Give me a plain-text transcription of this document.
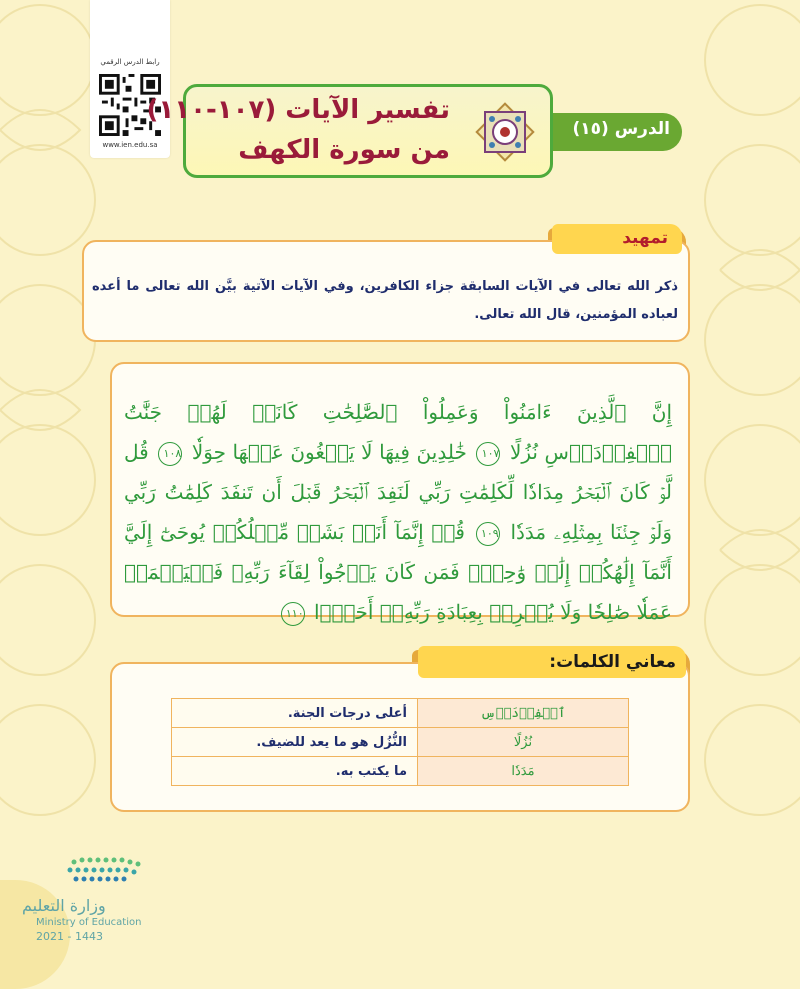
رابط الدرس الرقمي
www.ien.edu.sa
الدرس (١٥)
تفسير الآيات (١٠٧-١١٠)
من سورة الكهف
تمهيد
ذكر الله تعالى في الآيات السابقة جزاء الكافرين، وفي الآيات الآتية بيَّن الله تعالى ما أعده لعباده المؤمنين، قال الله تعالى.
إِنَّ ٱلَّذِينَ ءَامَنُواْ وَعَمِلُواْ ٱلصَّٰلِحَٰتِ كَانَتۡ لَهُمۡ جَنَّٰتُ ٱلۡفِرۡدَوۡسِ نُزُلًا ١٠٧ خَٰلِدِينَ فِيهَا لَا يَبۡغُونَ عَنۡهَا حِوَلٗا ١٠٨ قُل لَّوۡ كَانَ ٱلۡبَحۡرُ مِدَادٗا لِّكَلِمَٰتِ رَبِّي لَنَفِدَ ٱلۡبَحۡرُ قَبۡلَ أَن تَنفَدَ كَلِمَٰتُ رَبِّي وَلَوۡ جِئۡنَا بِمِثۡلِهِۦ مَدَدٗا ١٠٩ قُلۡ إِنَّمَآ أَنَا۠ بَشَرٞ مِّثۡلُكُمۡ يُوحَىٰٓ إِلَيَّ أَنَّمَآ إِلَٰهُكُمۡ إِلَٰهٞ وَٰحِدٞۖ فَمَن كَانَ يَرۡجُواْ لِقَآءَ رَبِّهِۦ فَلۡيَعۡمَلۡ عَمَلٗا صَٰلِحٗا وَلَا يُشۡرِكۡ بِعِبَادَةِ رَبِّهِۦٓ أَحَدَۢا ١١٠
معاني الكلمات:
أعلى درجات الجنة.	ٱلۡفِرۡدَوۡسِ
النُّزُل هو ما يعد للضيف.	نُزُلًا
ما يكتب به.	مَدَدٗا
وزارة التعليم
Ministry of Education
2021 - 1443
